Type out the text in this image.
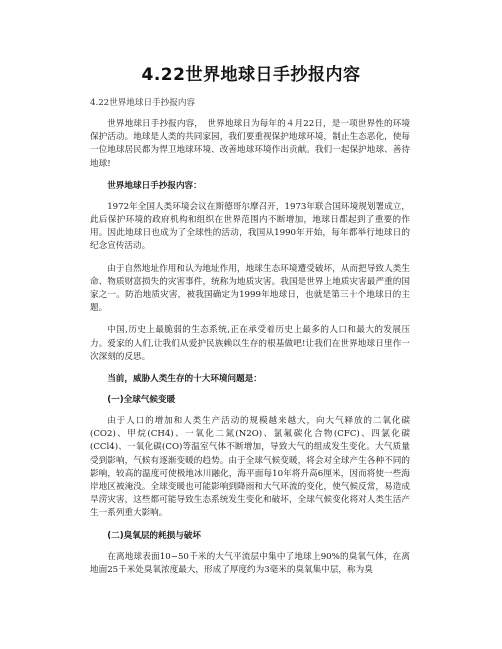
4.22世界地球日手抄报内容
4.22世界地球日手抄报内容

世界地球日手抄报内容，　世界地球日为每年的４月22日，是一项世界性的环境保护活动。地球是人类的共同家园，我们要重视保护地球环境，制止生态恶化，使每一位地球居民都为悍卫地球环境、改善地球环境作出贡献。我们一起保护地球、善待地球!

世界地球日手抄报内容：

1972年全国人类环境会议在斯德哥尔摩召开，1973年联合国环境规划署成立，此后保护环境的政府机构和组织在世界范围内不断增加，地球日都起到了重要的作用。因此地球日也成为了全球性的活动，我国从1990年开始，每年都举行地球日的纪念宣传活动。

由于自然地址作用和认为地址作用，地球生态环境遭受破坏，从而把导致人类生命、物质财富损失的灾害事件，统称为地质灾害。我国是世界上地质灾害最严重的国家之一。防治地质灾害，被我国确定为1999年地球日，也就是第三十个地球日的主题。

中国,历史上最脆弱的生态系统,正在承受着历史上最多的人口和最大的发展压力。爱家的人们,让我们从爱护民族赖以生存的根基做吧!让我们在世界地球日里作一次深刻的反思。

当前，威胁人类生存的十大环境问题是：
(一)全球气候变暖

由于人口的增加和人类生产活动的规模越来越大，向大气释放的二氧化碳(CO2)、甲烷(CH4)、一氧化二氮(N2O)、氯氟碳化合物(CFC)、四氯化碳(CCl4)、一氧化碳(CO)等温室气体不断增加，导致大气的组成发生变化。大气质量受到影响，气候有逐渐变暖的趋势。由于全球气候变暖，将会对全球产生各种不同的影响，较高的温度可使极地冰川融化，海平面每10年将升高6厘米，因而将使一些海岸地区被淹没。全球变暖也可能影响到降雨和大气环流的变化，使气候反常，易造成旱涝灾害，这些都可能导致生态系统发生变化和破坏，全球气候变化将对人类生活产生一系列重大影响。

(二)臭氧层的耗损与破坏

在离地球表面10~50千米的大气平流层中集中了地球上90%的臭氧气体，在离地面25千米处臭氧浓度最大，形成了厚度约为3毫米的臭氧集中层，称为臭
